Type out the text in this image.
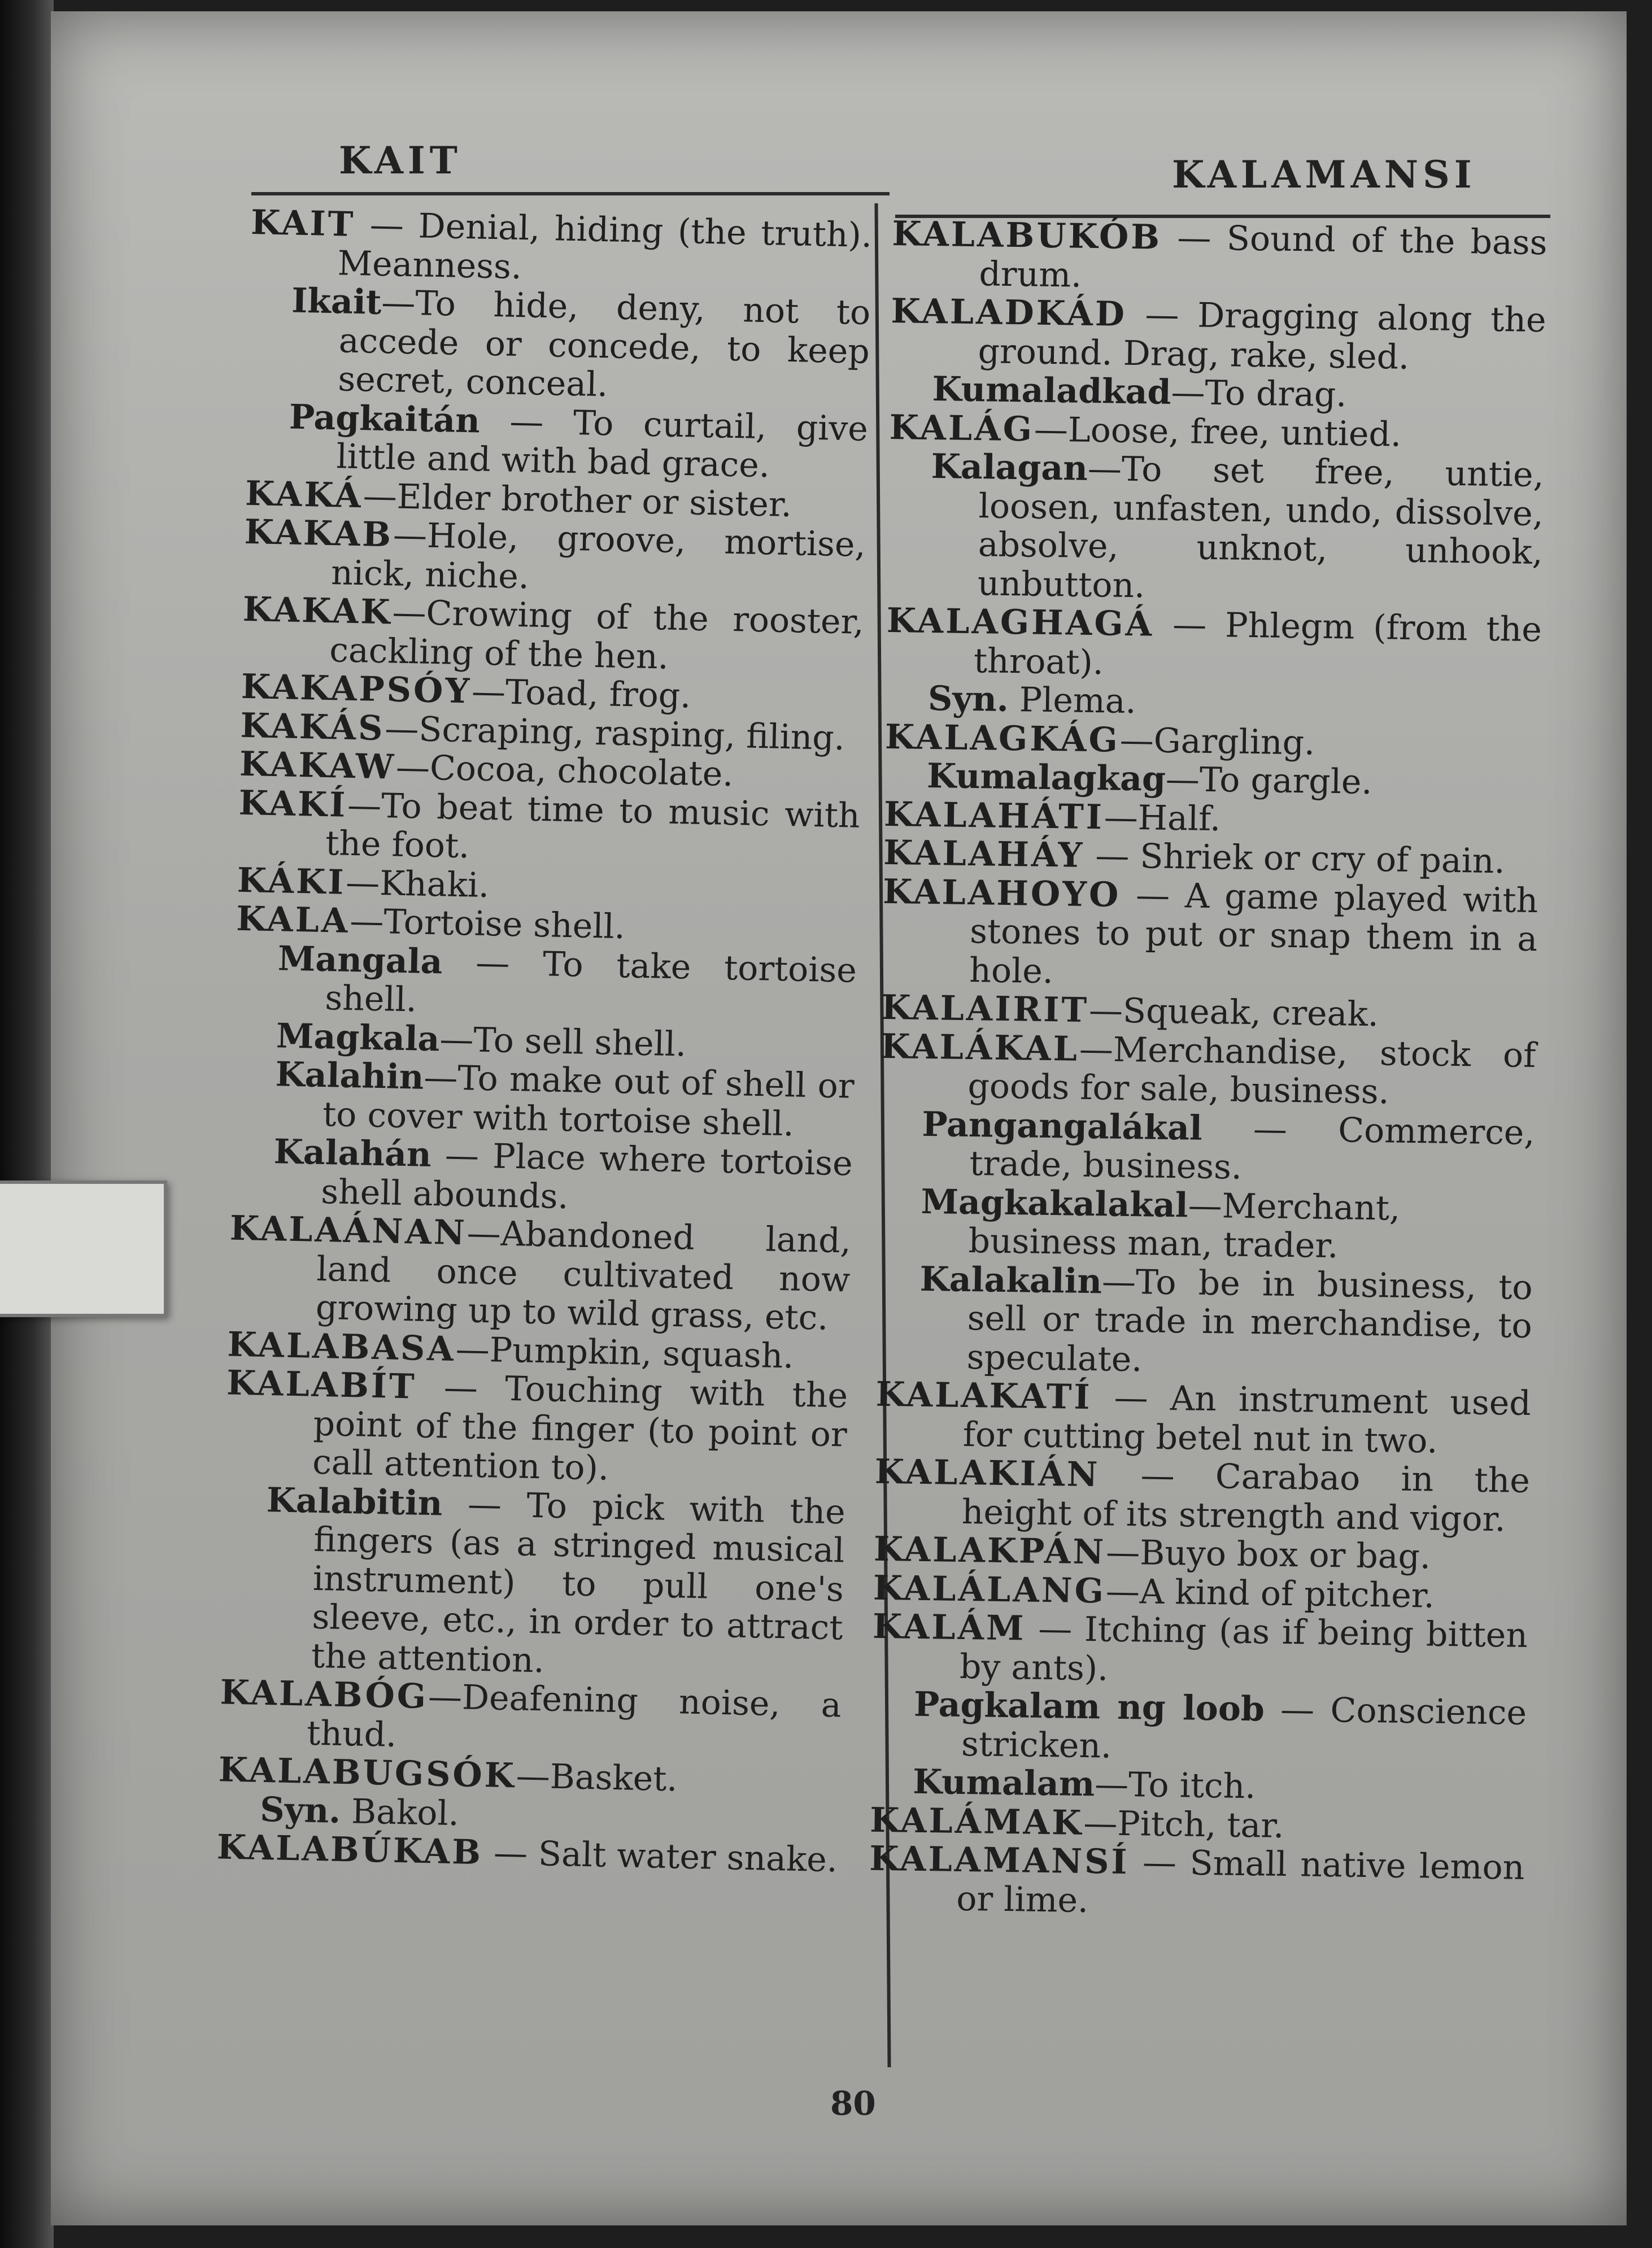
KAIT	KALAMANSI

KAIT — Denial, hiding (the truth). Meanness.

Ikait—To hide, deny, not to accede or concede, to keep secret, conceal.

Pagkaitán — To curtail, give little and with bad grace.

KAKÁ—Elder brother or sister.

KAKAB—Hole, groove, mortise, nick, niche.

KAKAK—Crowing of the rooster, cackling of the hen.

KAKAPSÓY—Toad, frog.

KAKÁS—Scraping, rasping, filing.

KAKAW—Cocoa, chocolate.

KAKÍ—To beat time to music with the foot.

KÁKI—Khaki.

KALA—Tortoise shell.

Mangala — To take tortoise shell.

Magkala—To sell shell.

Kalahin—To make out of shell or to cover with tortoise shell.

Kalahán — Place where tortoise shell abounds.

KALAÁNAN—Abandoned land, land once cultivated now growing up to wild grass, etc.

KALABASA—Pumpkin, squash.

KALABÍT — Touching with the point of the finger (to point or call attention to).

Kalabitin — To pick with the fingers (as a stringed musical instrument) to pull one's sleeve, etc., in order to attract the attention.

KALABÓG—Deafening noise, a thud.

KALABUGSÓK—Basket.

Syn. Bakol.

KALABÚKAB — Salt water snake.

KALABUKÓB — Sound of the bass drum.

KALADKÁD — Dragging along the ground. Drag, rake, sled.

Kumaladkad—To drag.

KALÁG—Loose, free, untied.

Kalagan—To set free, untie, loosen, unfasten, undo, dissolve, absolve, unknot, unhook, unbutton.

KALAGHAGÁ — Phlegm (from the throat).

Syn. Plema.

KALAGKÁG—Gargling.

Kumalagkag—To gargle.

KALAHÁTI—Half.

KALAHÁY — Shriek or cry of pain.

KALAHOYO — A game played with stones to put or snap them in a hole.

KALAIRIT—Squeak, creak.

KALÁKAL—Merchandise, stock of goods for sale, business.

Pangangalákal — Commerce, trade, business.

Magkakalakal—Merchant, business man, trader.

Kalakalin—To be in business, to sell or trade in merchandise, to speculate.

KALAKATÍ — An instrument used for cutting betel nut in two.

KALAKIÁN — Carabao in the height of its strength and vigor.

KALAKPÁN—Buyo box or bag.

KALÁLANG—A kind of pitcher.

KALÁM — Itching (as if being bitten by ants).

Pagkalam ng loob — Conscience stricken.

Kumalam—To itch.

KALÁMAK—Pitch, tar.

KALAMANSÍ — Small native lemon or lime.

80
